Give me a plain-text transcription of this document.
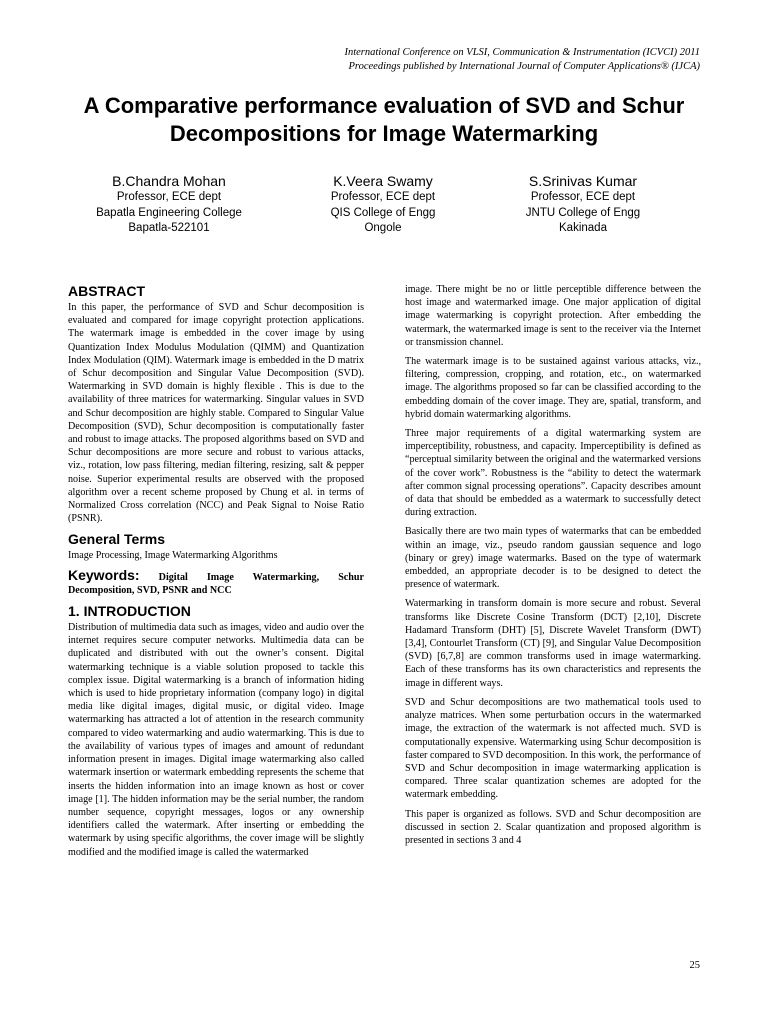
International Conference on VLSI, Communication & Instrumentation (ICVCI) 2011
Proceedings published by International Journal of Computer Applications® (IJCA)
A Comparative performance evaluation of SVD and Schur
Decompositions for Image Watermarking
B.Chandra Mohan
Professor, ECE dept
Bapatla Engineering College
Bapatla-522101
K.Veera Swamy
Professor, ECE dept
QIS College of Engg
Ongole
S.Srinivas Kumar
Professor, ECE dept
JNTU College of Engg
Kakinada
ABSTRACT

In this paper, the performance of SVD and Schur decomposition is evaluated and compared for image copyright protection applications. The watermark image is embedded in the cover image by using Quantization Index Modulus Modulation (QIMM) and Quantization Index Modulation (QIM). Watermark image is embedded in the D matrix of Schur decomposition and Singular Value Decomposition (SVD). Watermarking in SVD domain is highly flexible . This is due to the availability of three matrices for watermarking. Singular values in SVD and Schur decomposition are highly stable. Compared to Singular Value Decomposition (SVD), Schur decomposition is computationally faster and robust to image attacks. The proposed algorithms based on SVD and Schur decompositions are more secure and robust to various attacks, viz., rotation, low pass filtering, median filtering, resizing, salt & pepper noise. Superior experimental results are observed with the proposed algorithm over a recent scheme proposed by Chung et al. in terms of Normalized Cross correlation (NCC) and Peak Signal to Noise Ratio (PSNR).

General Terms

Image Processing, Image Watermarking Algorithms

Keywords: Digital Image Watermarking, Schur Decomposition, SVD, PSNR and NCC
1. INTRODUCTION

Distribution of multimedia data such as images, video and audio over the internet requires secure computer networks. Multimedia data can be duplicated and distributed with out the owner’s consent. Digital watermarking technique is a viable solution proposed to tackle this complex issue. Digital watermarking is a branch of information hiding which is used to hide proprietary information (company logo) in digital media like digital images, digital music, or digital video. Image watermarking has attracted a lot of attention in the research community compared to video watermarking and audio watermarking. This is due to the availability of various types of images and amount of redundant information present in images. Digital image watermarking also called watermark insertion or watermark embedding represents the scheme that inserts the hidden information into an image known as host or cover image [1]. The hidden information may be the serial number, the random number sequence, copyright messages, logos or any ownership identifiers called the watermark. After inserting or embedding the watermark by using specific algorithms, the cover image will be slightly modified and the modified image is called the watermarked

image. There might be no or little perceptible difference between the host image and watermarked image. One major application of digital image watermarking is copyright protection. After embedding the watermark, the watermarked image is sent to the receiver via the Internet or transmission channel.

The watermark image is to be sustained against various attacks, viz., filtering, compression, cropping, and rotation, etc., on watermarked image. The algorithms proposed so far can be classified according to the embedding domain of the cover image. They are, spatial, transform, and hybrid domain watermarking algorithms.

Three major requirements of a digital watermarking system are imperceptibility, robustness, and capacity. Imperceptibility is defined as “perceptual similarity between the original and the watermarked versions of the cover work”. Robustness is the “ability to detect the watermark after common signal processing operations”. Capacity describes amount of data that should be embedded as a watermark to successfully detect during extraction.

Basically there are two main types of watermarks that can be embedded within an image, viz., pseudo random gaussian sequence and logo (binary or grey) image watermarks. Based on the type of watermark embedded, an appropriate decoder is to be designed to detect the presence of watermark.

Watermarking in transform domain is more secure and robust. Several transforms like Discrete Cosine Transform (DCT) [2,10], Discrete Hadamard Transform (DHT) [5], Discrete Wavelet Transform (DWT) [3,4], Contourlet Transform (CT) [9], and Singular Value Decomposition (SVD) [6,7,8] are common transforms used in image watermarking. Each of these transforms has its own characteristics and represents the image in different ways.

SVD and Schur decompositions are two mathematical tools used to analyze matrices. When some perturbation occurs in the watermarked image, the extraction of the watermark is not affected much. SVD is computationally expensive. Watermarking using Schur decomposition is faster compared to SVD decomposition. In this work, the performance of SVD and Schur decomposition in image watermarking application is compared. Three scalar quantization schemes are adopted for the watermark embedding.

This paper is organized as follows. SVD and Schur decomposition are discussed in section 2. Scalar quantization and proposed algorithm is presented in sections 3 and 4

25
